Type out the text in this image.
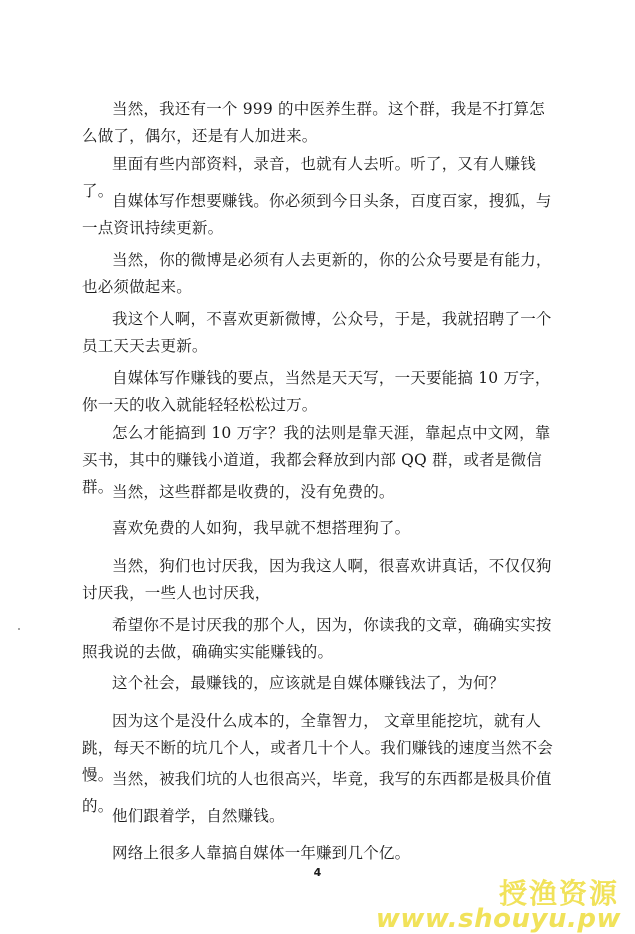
当然，我还有一个 999 的中医养生群。这个群，我是不打算怎么做了，偶尔，还是有人加进来。

里面有些内部资料，录音，也就有人去听。听了，又有人赚钱了。

自媒体写作想要赚钱。你必须到今日头条，百度百家，搜狐，与一点资讯持续更新。

当然，你的微博是必须有人去更新的，你的公众号要是有能力，也必须做起来。

我这个人啊，不喜欢更新微博，公众号，于是，我就招聘了一个员工天天去更新。

自媒体写作赚钱的要点，当然是天天写，一天要能搞 10 万字，你一天的收入就能轻轻松松过万。

怎么才能搞到 10 万字？我的法则是靠天涯，靠起点中文网，靠买书，其中的赚钱小道道，我都会释放到内部 QQ 群，或者是微信群。

当然，这些群都是收费的，没有免费的。

喜欢免费的人如狗，我早就不想搭理狗了。

当然，狗们也讨厌我，因为我这人啊，很喜欢讲真话，不仅仅狗讨厌我，一些人也讨厌我，

希望你不是讨厌我的那个人，因为，你读我的文章，确确实实按照我说的去做，确确实实能赚钱的。

这个社会，最赚钱的，应该就是自媒体赚钱法了，为何？

因为这个是没什么成本的，全靠智力， 文章里能挖坑，就有人跳，每天不断的坑几个人，或者几十个人。我们赚钱的速度当然不会慢。

当然，被我们坑的人也很高兴，毕竟，我写的东西都是极具价值的。

他们跟着学，自然赚钱。

网络上很多人靠搞自媒体一年赚到几个亿。

4
授渔资源
www.shouyu.pw
